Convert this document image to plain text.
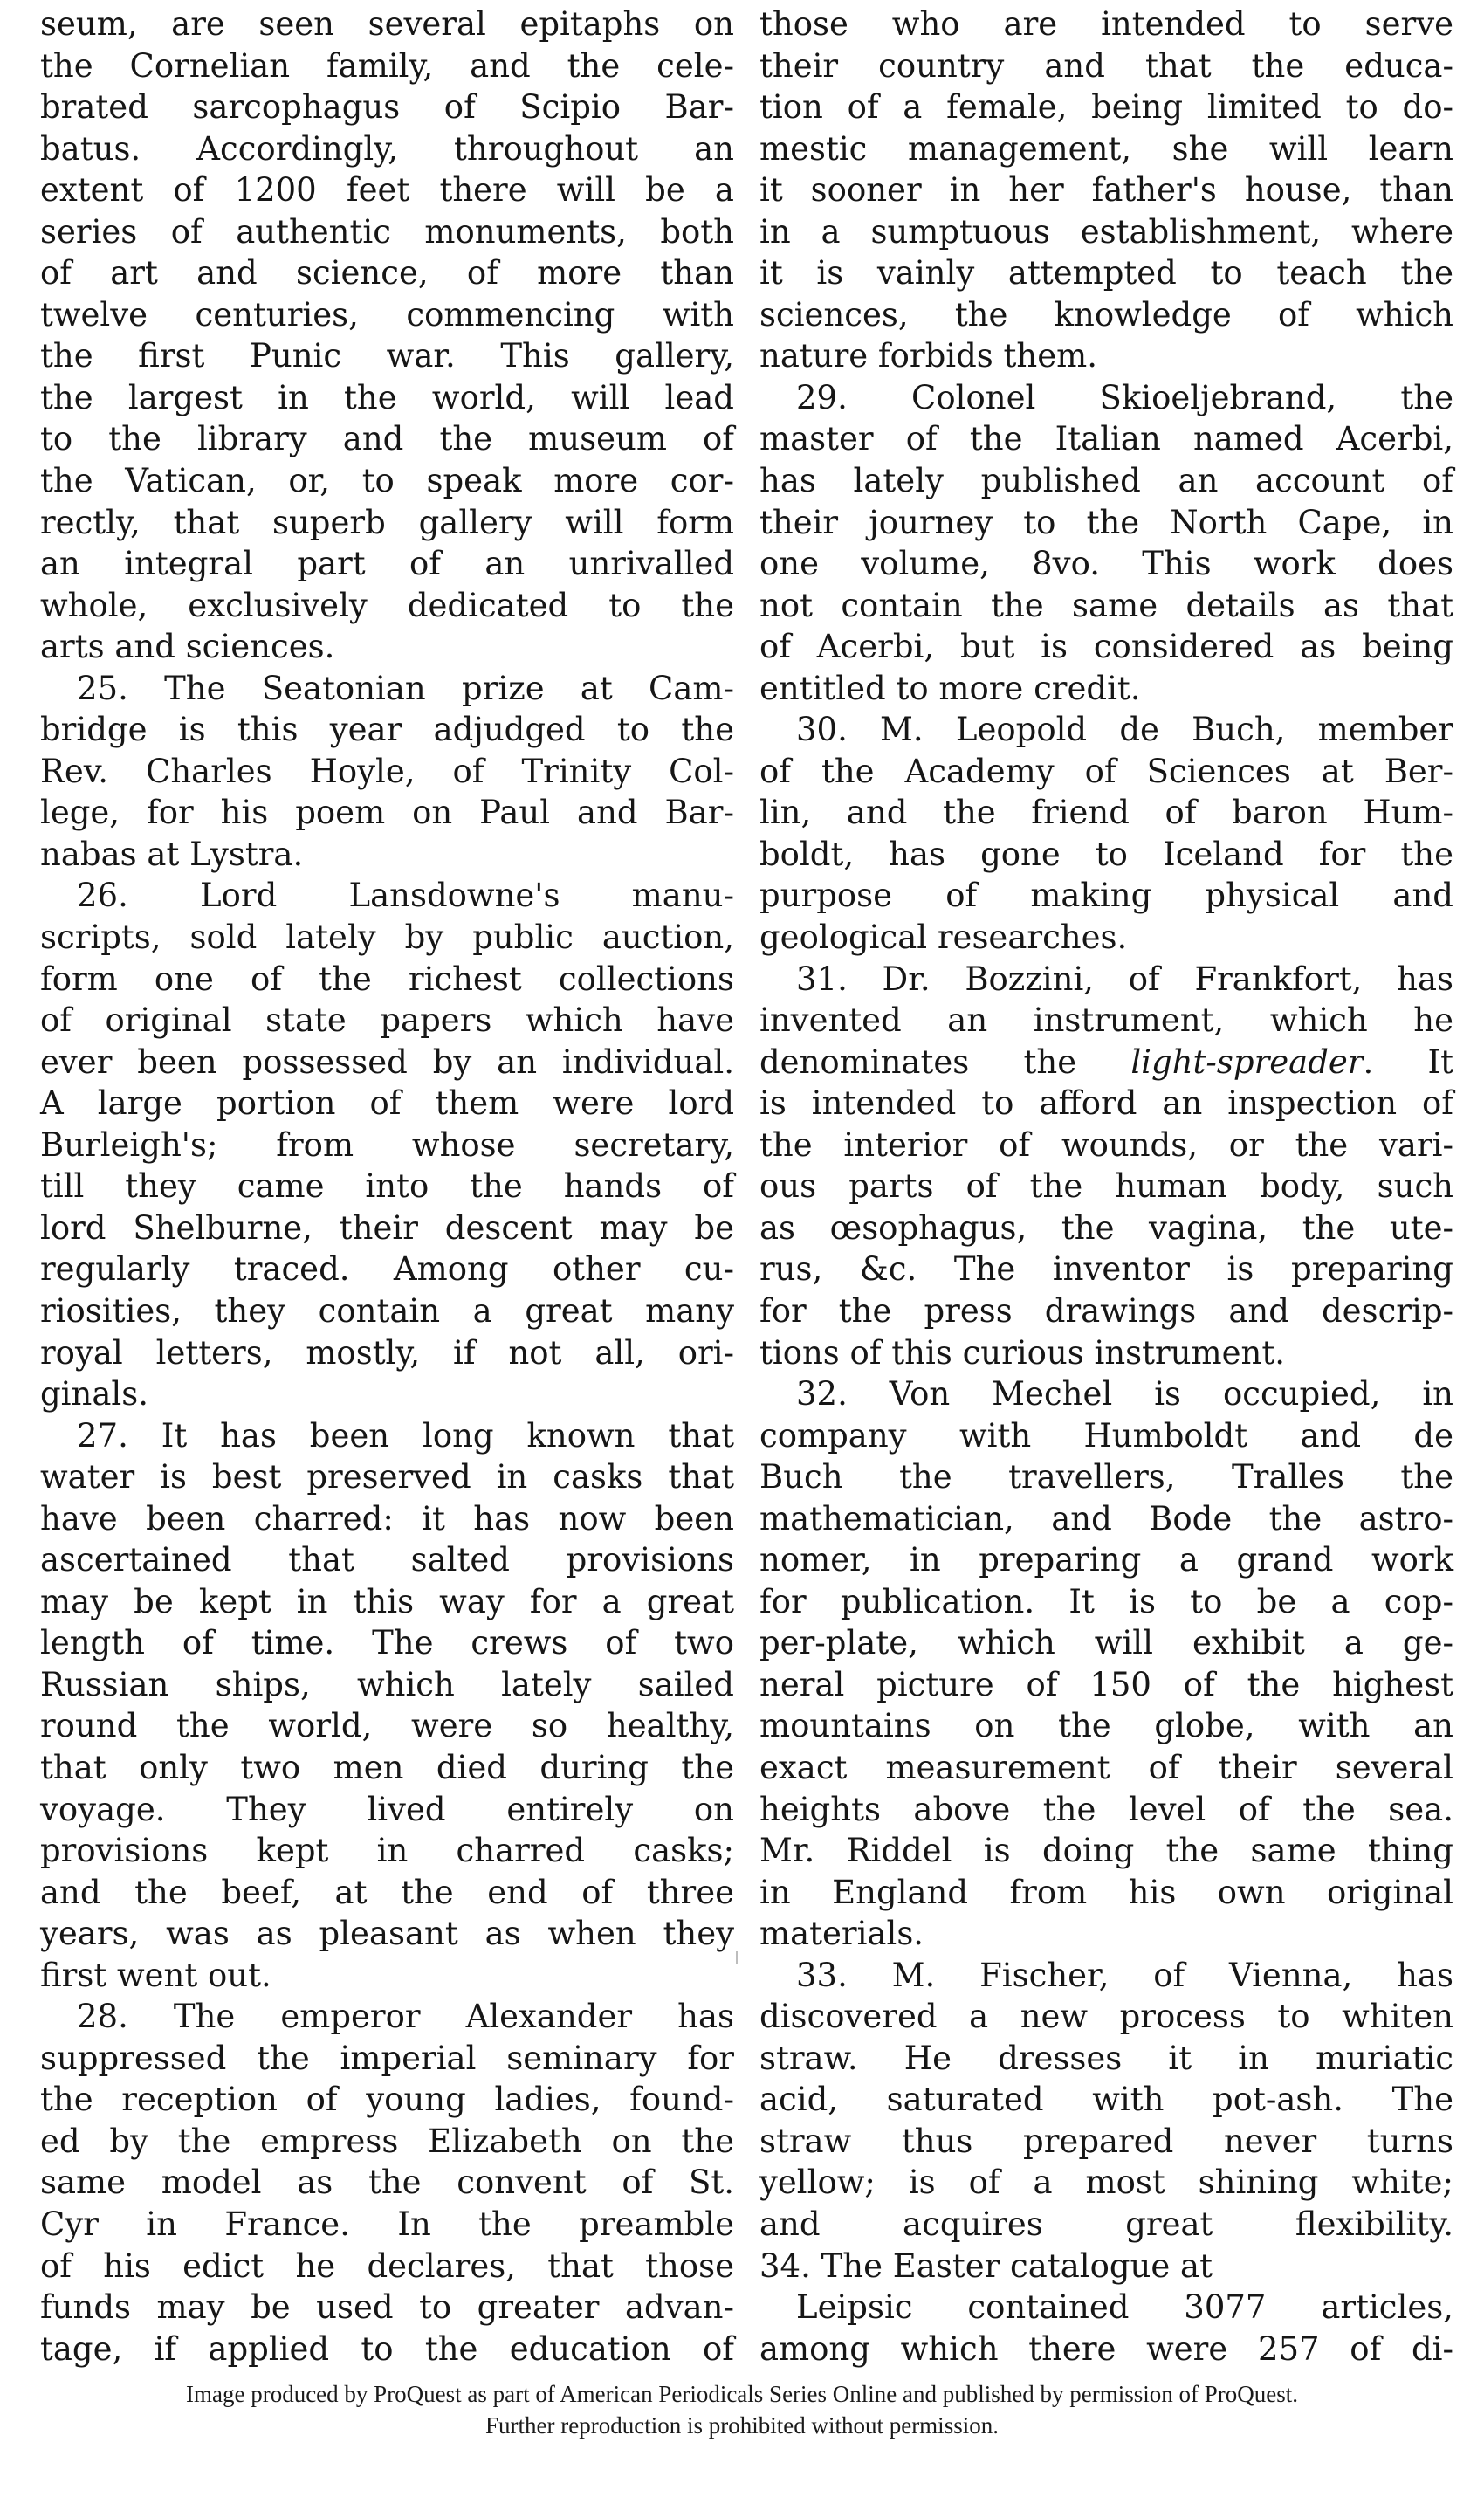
seum, are seen several epitaphs on
the Cornelian family, and the cele-
brated sarcophagus of Scipio Bar-
batus. Accordingly, throughout an
extent of 1200 feet there will be a
series of authentic monuments, both
of art and science, of more than
twelve centuries, commencing with
the first Punic war. This gallery,
the largest in the world, will lead
to the library and the museum of
the Vatican, or, to speak more cor-
rectly, that superb gallery will form
an integral part of an unrivalled
whole, exclusively dedicated to the
arts and sciences.
25. The Seatonian prize at Cam-
bridge is this year adjudged to the
Rev. Charles Hoyle, of Trinity Col-
lege, for his poem on Paul and Bar-
nabas at Lystra.
26. Lord Lansdowne's manu-
scripts, sold lately by public auction,
form one of the richest collections
of original state papers which have
ever been possessed by an individual.
A large portion of them were lord
Burleigh's; from whose secretary,
till they came into the hands of
lord Shelburne, their descent may be
regularly traced. Among other cu-
riosities, they contain a great many
royal letters, mostly, if not all, ori-
ginals.
27. It has been long known that
water is best preserved in casks that
have been charred: it has now been
ascertained that salted provisions
may be kept in this way for a great
length of time. The crews of two
Russian ships, which lately sailed
round the world, were so healthy,
that only two men died during the
voyage. They lived entirely on
provisions kept in charred casks;
and the beef, at the end of three
years, was as pleasant as when they
first went out.
28. The emperor Alexander has
suppressed the imperial seminary for
the reception of young ladies, found-
ed by the empress Elizabeth on the
same model as the convent of St.
Cyr in France. In the preamble
of his edict he declares, that those
funds may be used to greater advan-
tage, if applied to the education of
those who are intended to serve
their country and that the educa-
tion of a female, being limited to do-
mestic management, she will learn
it sooner in her father's house, than
in a sumptuous establishment, where
it is vainly attempted to teach the
sciences, the knowledge of which
nature forbids them.
29. Colonel Skioeljebrand, the
master of the Italian named Acerbi,
has lately published an account of
their journey to the North Cape, in
one volume, 8vo. This work does
not contain the same details as that
of Acerbi, but is considered as being
entitled to more credit.
30. M. Leopold de Buch, member
of the Academy of Sciences at Ber-
lin, and the friend of baron Hum-
boldt, has gone to Iceland for the
purpose of making physical and
geological researches.
31. Dr. Bozzini, of Frankfort, has
invented an instrument, which he
denominates the light-spreader. It
is intended to afford an inspection of
the interior of wounds, or the vari-
ous parts of the human body, such
as œsophagus, the vagina, the ute-
rus, &c. The inventor is preparing
for the press drawings and descrip-
tions of this curious instrument.
32. Von Mechel is occupied, in
company with Humboldt and de
Buch the travellers, Tralles the
mathematician, and Bode the astro-
nomer, in preparing a grand work
for publication. It is to be a cop-
per-plate, which will exhibit a ge-
neral picture of 150 of the highest
mountains on the globe, with an
exact measurement of their several
heights above the level of the sea.
Mr. Riddel is doing the same thing
in England from his own original
materials.
33. M. Fischer, of Vienna, has
discovered a new process to whiten
straw. He dresses it in muriatic
acid, saturated with pot-ash. The
straw thus prepared never turns
yellow; is of a most shining white;
and acquires great flexibility.
34. The Easter catalogue at
Leipsic contained 3077 articles,
among which there were 257 of di-
Image produced by ProQuest as part of American Periodicals Series Online and published by permission of ProQuest.
Further reproduction is prohibited without permission.
